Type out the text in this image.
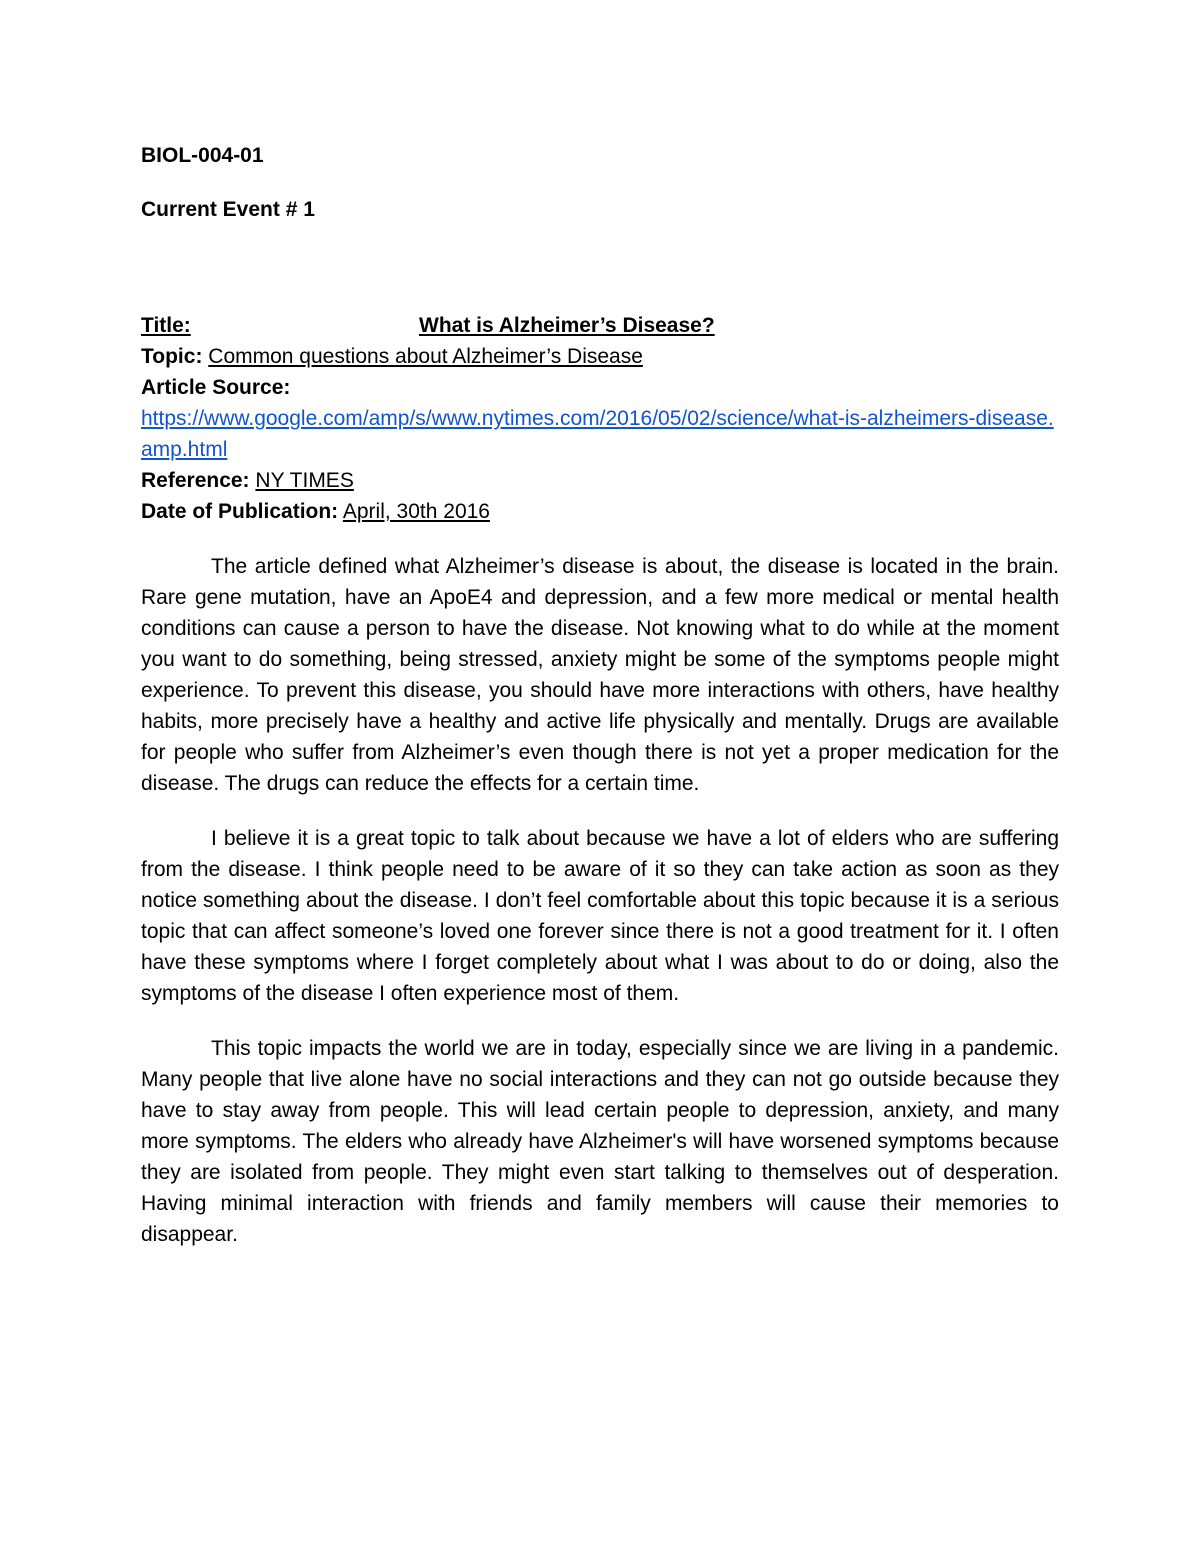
BIOL-004-01

Current Event # 1

Title:	What is Alzheimer’s Disease?
Topic: Common questions about Alzheimer’s Disease
Article Source:
https://www.google.com/amp/s/www.nytimes.com/2016/05/02/science/what-is-alzheimers-disease.amp.html
Reference: NY TIMES
Date of Publication: April, 30th 2016

The article defined what Alzheimer’s disease is about, the disease is located in the brain. Rare gene mutation, have an ApoE4 and depression, and a few more medical or mental health conditions can cause a person to have the disease. Not knowing what to do while at the moment you want to do something, being stressed, anxiety might be some of the symptoms people might experience. To prevent this disease, you should have more interactions with others, have healthy habits, more precisely have a healthy and active life physically and mentally. Drugs are available for people who suffer from Alzheimer’s even though there is not yet a proper medication for the disease. The drugs can reduce the effects for a certain time.

I believe it is a great topic to talk about because we have a lot of elders who are suffering from the disease. I think people need to be aware of it so they can take action as soon as they notice something about the disease. I don’t feel comfortable about this topic because it is a serious topic that can affect someone’s loved one forever since there is not a good treatment for it. I often have these symptoms where I forget completely about what I was about to do or doing, also the symptoms of the disease I often experience most of them.

This topic impacts the world we are in today, especially since we are living in a pandemic. Many people that live alone have no social interactions and they can not go outside because they have to stay away from people. This will lead certain people to depression, anxiety, and many more symptoms. The elders who already have Alzheimer's will have worsened symptoms because they are isolated from people. They might even start talking to themselves out of desperation. Having minimal interaction with friends and family members will cause their memories to disappear.
